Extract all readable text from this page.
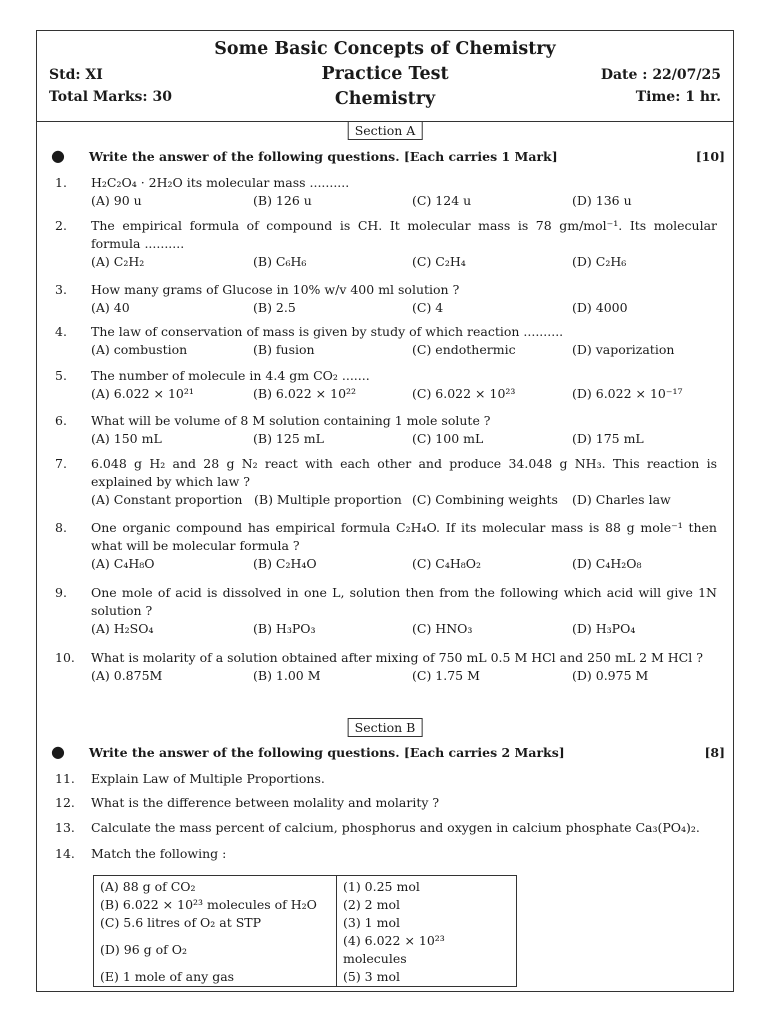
Some Basic Concepts of Chemistry
Practice Test
Chemistry
Std: XI
Total Marks: 30
Date : 22/07/25
Time: 1 hr.
Section A
● Write the answer of the following questions. [Each carries 1 Mark]	[10]
1. H₂C₂O₄ · 2H₂O its molecular mass ..........
(A) 90 u	(B) 126 u	(C) 124 u	(D) 136 u
2. The empirical formula of compound is CH. It molecular mass is 78 gm/mol⁻¹. Its molecular formula ..........
(A) C₂H₂	(B) C₆H₆	(C) C₂H₄	(D) C₂H₆
3. How many grams of Glucose in 10% w/v 400 ml solution ?
(A) 40	(B) 2.5	(C) 4	(D) 4000
4. The law of conservation of mass is given by study of which reaction ..........
(A) combustion	(B) fusion	(C) endothermic	(D) vaporization
5. The number of molecule in 4.4 gm CO₂ .......
(A) 6.022 × 10²¹	(B) 6.022 × 10²²	(C) 6.022 × 10²³	(D) 6.022 × 10⁻¹⁷
6. What will be volume of 8 M solution containing 1 mole solute ?
(A) 150 mL	(B) 125 mL	(C) 100 mL	(D) 175 mL
7. 6.048 g H₂ and 28 g N₂ react with each other and produce 34.048 g NH₃. This reaction is explained by which law ?
(A) Constant proportion (B) Multiple proportion (C) Combining weights (D) Charles law
8. One organic compound has empirical formula C₂H₄O. If its molecular mass is 88 g mole⁻¹ then what will be molecular formula ?
(A) C₄H₈O	(B) C₂H₄O	(C) C₄H₈O₂	(D) C₄H₂O₈
9. One mole of acid is dissolved in one L, solution then from the following which acid will give 1N solution ?
(A) H₂SO₄	(B) H₃PO₃	(C) HNO₃	(D) H₃PO₄
10. What is molarity of a solution obtained after mixing of 750 mL 0.5 M HCl and 250 mL 2 M HCl ?
(A) 0.875M	(B) 1.00 M	(C) 1.75 M	(D) 0.975 M
Section B
● Write the answer of the following questions. [Each carries 2 Marks]	[8]
11. Explain Law of Multiple Proportions.
12. What is the difference between molality and molarity ?
13. Calculate the mass percent of calcium, phosphorus and oxygen in calcium phosphate Ca₃(PO₄)₂.
14. Match the following :
(A) 88 g of CO₂	(1) 0.25 mol
(B) 6.022 × 10²³ molecules of H₂O	(2) 2 mol
(C) 5.6 litres of O₂ at STP	(3) 1 mol
(D) 96 g of O₂	(4) 6.022 × 10²³ molecules
(E) 1 mole of any gas	(5) 3 mol
